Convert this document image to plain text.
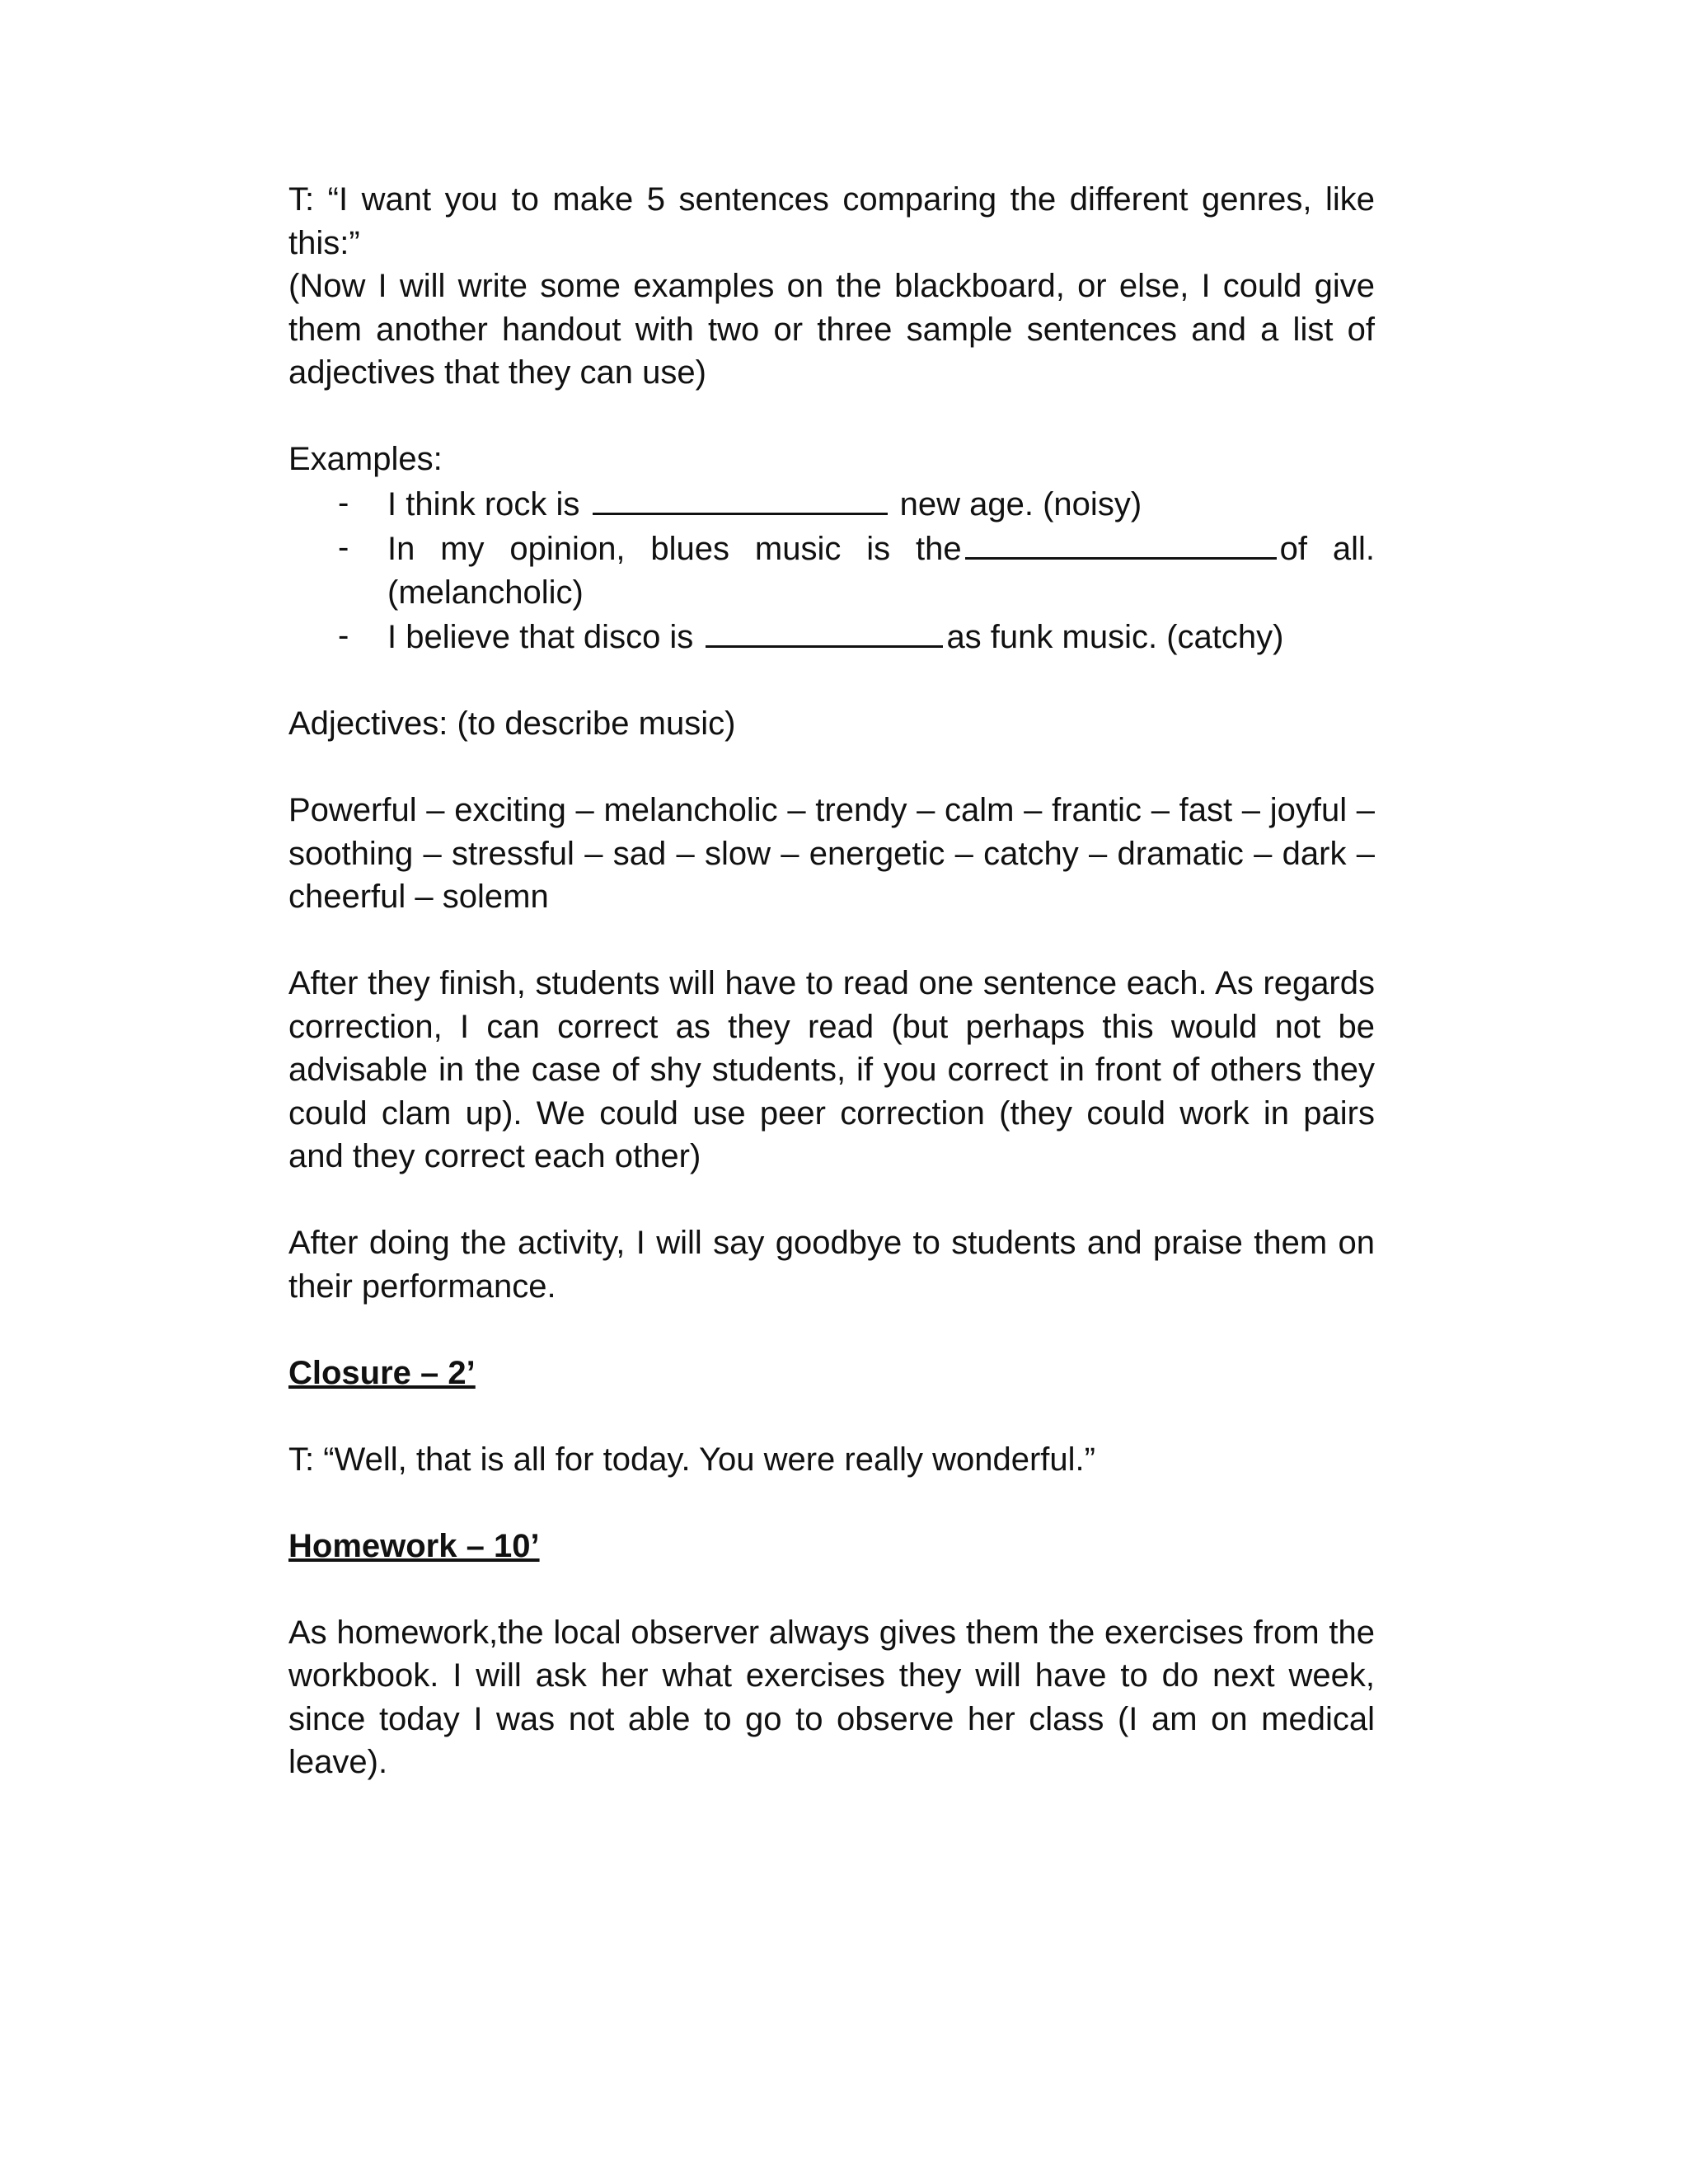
T: “I want you to make 5 sentences comparing the different genres, like this:”

(Now I will write some examples on the blackboard, or else, I could give them another handout with two or three sample sentences and a list of adjectives that they can use)

Examples:

- I think rock is	new age. (noisy)
- In my opinion, blues music is the	of all. (melancholic)
- I believe that disco is	as funk music. (catchy)

Adjectives: (to describe music)

Powerful – exciting – melancholic – trendy – calm – frantic – fast – joyful – soothing – stressful – sad – slow – energetic – catchy – dramatic – dark – cheerful – solemn

After they finish, students will have to read one sentence each. As regards correction, I can correct as they read (but perhaps this would not be advisable in the case of shy students, if you correct in front of others they could clam up). We could use peer correction (they could work in pairs and they correct each other)

After doing the activity, I will say goodbye to students and praise them on their performance.

Closure – 2’

T: “Well, that is all for today. You were really wonderful.”

Homework – 10’

As homework,the local observer always gives them the exercises from the workbook. I will ask her what exercises they will have to do next week, since today I was not able to go to observe her class (I am on medical leave).
